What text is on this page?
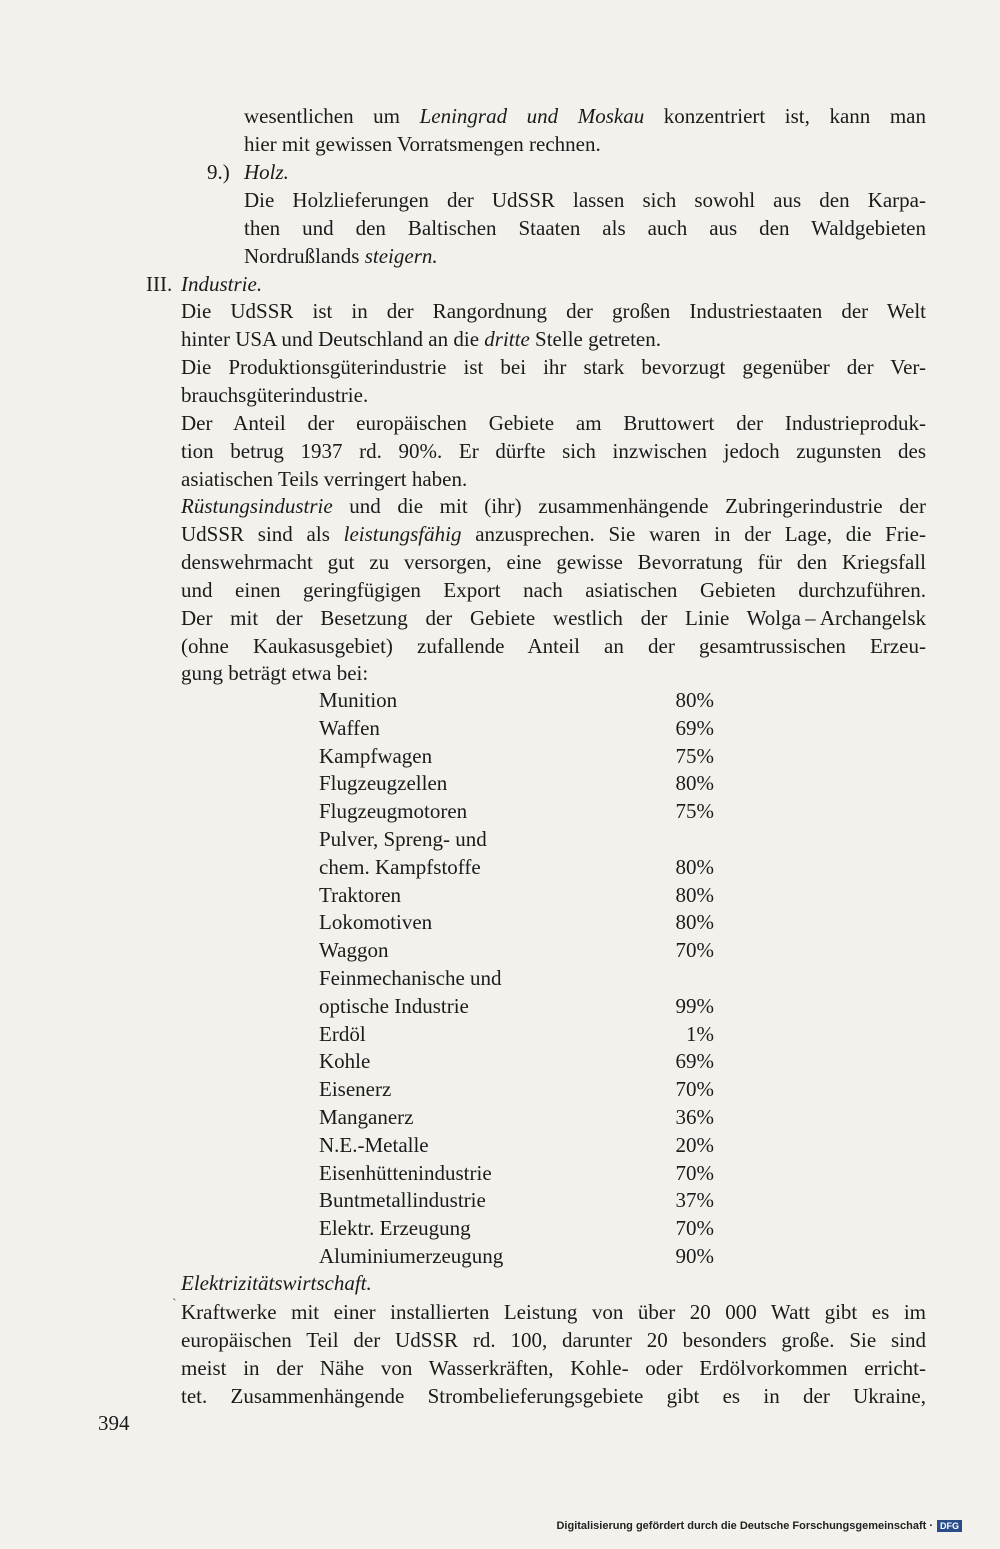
wesentlichen um Leningrad und Moskau konzentriert ist, kann man
hier mit gewissen Vorratsmengen rechnen.
9.) Holz.
Die Holzlieferungen der UdSSR lassen sich sowohl aus den Karpa-
then und den Baltischen Staaten als auch aus den Waldgebieten
Nordrußlands steigern.
III. Industrie.
Die UdSSR ist in der Rangordnung der großen Industriestaaten der Welt
hinter USA und Deutschland an die dritte Stelle getreten.
Die Produktionsgüterindustrie ist bei ihr stark bevorzugt gegenüber der Ver-
brauchsgüterindustrie.
Der Anteil der europäischen Gebiete am Bruttowert der Industrieproduk-
tion betrug 1937 rd. 90%. Er dürfte sich inzwischen jedoch zugunsten des
asiatischen Teils verringert haben.
Rüstungsindustrie und die mit (ihr) zusammenhängende Zubringerindustrie der
UdSSR sind als leistungsfähig anzusprechen. Sie waren in der Lage, die Frie-
denswehrmacht gut zu versorgen, eine gewisse Bevorratung für den Kriegsfall
und einen geringfügigen Export nach asiatischen Gebieten durchzuführen.
Der mit der Besetzung der Gebiete westlich der Linie Wolga – Archangelsk
(ohne Kaukasusgebiet) zufallende Anteil an der gesamtrussischen Erzeu-
gung beträgt etwa bei:
Munition	80%
Waffen	69%
Kampfwagen	75%
Flugzeugzellen	80%
Flugzeugmotoren	75%
Pulver, Spreng- und
chem. Kampfstoffe	80%
Traktoren	80%
Lokomotiven	80%
Waggon	70%
Feinmechanische und
optische Industrie	99%
Erdöl	1%
Kohle	69%
Eisenerz	70%
Manganerz	36%
N.E.-Metalle	20%
Eisenhüttenindustrie	70%
Buntmetallindustrie	37%
Elektr. Erzeugung	70%
Aluminiumerzeugung	90%
Elektrizitätswirtschaft.
` Kraftwerke mit einer installierten Leistung von über 20 000 Watt gibt es im
europäischen Teil der UdSSR rd. 100, darunter 20 besonders große. Sie sind
meist in der Nähe von Wasserkräften, Kohle- oder Erdölvorkommen erricht-
tet. Zusammenhängende Strombelieferungsgebiete gibt es in der Ukraine,
394
Digitalisierung gefördert durch die Deutsche Forschungsgemeinschaft · DFG
